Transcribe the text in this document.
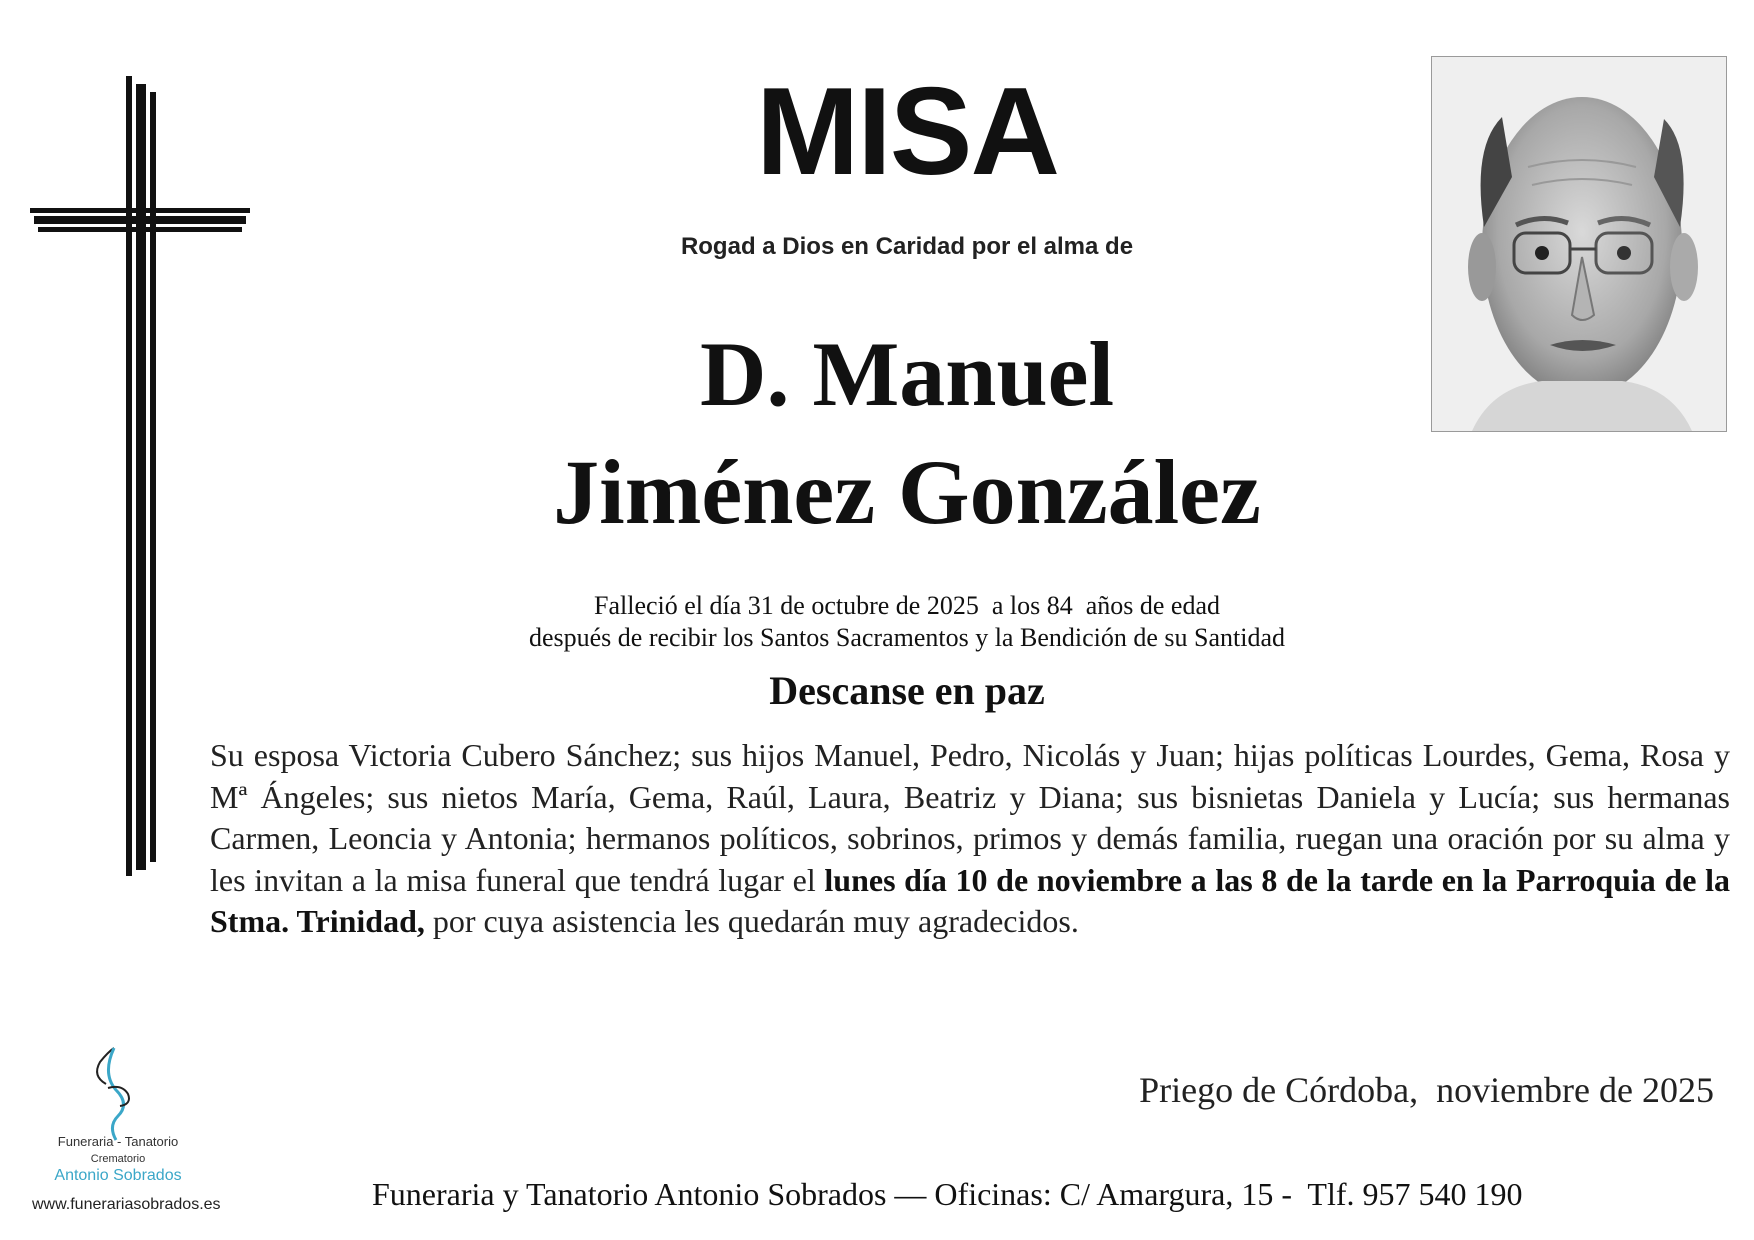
MISA
Rogad a Dios en Caridad por el alma de
D. Manuel
Jiménez González
Falleció el día 31 de octubre de 2025  a los 84  años de edad
después de recibir los Santos Sacramentos y la Bendición de su Santidad
Descanse en paz
Su esposa Victoria Cubero Sánchez; sus hijos Manuel, Pedro, Nicolás y Juan; hijas políticas Lourdes, Gema, Rosa y Mª Ángeles; sus nietos María, Gema, Raúl, Laura, Beatriz y Diana; sus bisnietas Daniela y Lucía; sus hermanas Carmen, Leoncia y Antonia; hermanos políticos, sobrinos, primos y demás familia, ruegan una oración por su alma y les invitan a la misa funeral que tendrá lugar el lunes día 10 de noviembre a las 8 de la tarde en la Parroquia de la Stma. Trinidad, por cuya asistencia les quedarán muy agradecidos.
Priego de Córdoba,  noviembre de 2025
Funeraria y Tanatorio Antonio Sobrados — Oficinas: C/ Amargura, 15 -  Tlf. 957 540 190
Funeraria - Tanatorio
Crematorio
Antonio Sobrados
www.funerariasobrados.es
